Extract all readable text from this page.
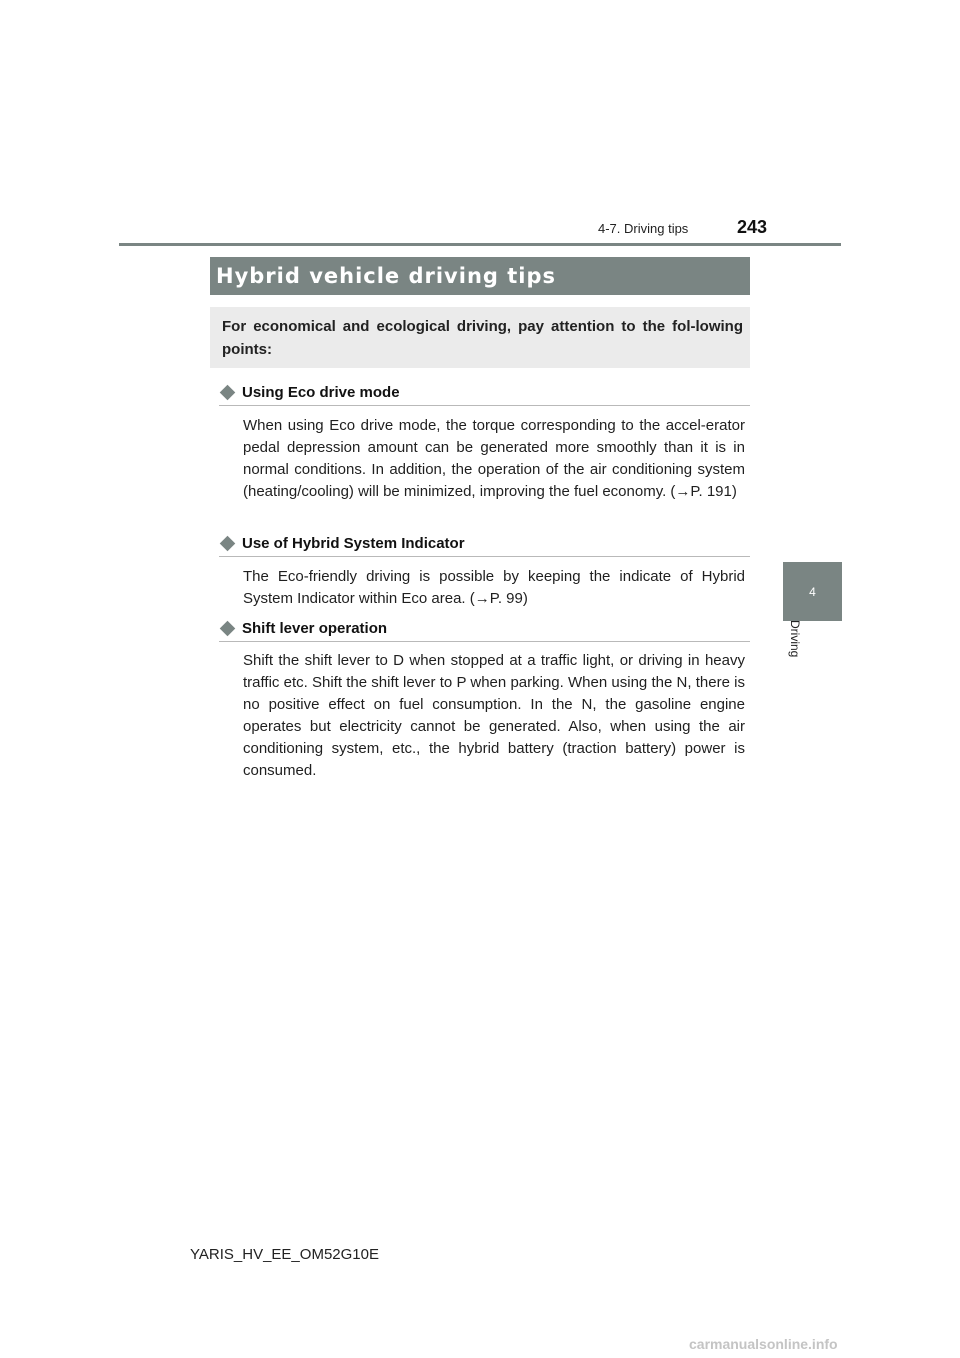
4-7. Driving tips	243
4
Driving
Hybrid vehicle driving tips

For economical and ecological driving, pay attention to the fol-lowing points:

Using Eco drive mode

When using Eco drive mode, the torque corresponding to the accel-erator pedal depression amount can be generated more smoothly than it is in normal conditions. In addition, the operation of the air conditioning system (heating/cooling) will be minimized, improving the fuel economy. (→P. 191)

Use of Hybrid System Indicator

The Eco-friendly driving is possible by keeping the indicate of Hybrid System Indicator within Eco area. (→P. 99)

Shift lever operation

Shift the shift lever to D when stopped at a traffic light, or driving in heavy traffic etc. Shift the shift lever to P when parking. When using the N, there is no positive effect on fuel consumption. In the N, the gasoline engine operates but electricity cannot be generated. Also, when using the air conditioning system, etc., the hybrid battery (traction battery) power is consumed.

YARIS_HV_EE_OM52G10E
carmanualsonline.info
